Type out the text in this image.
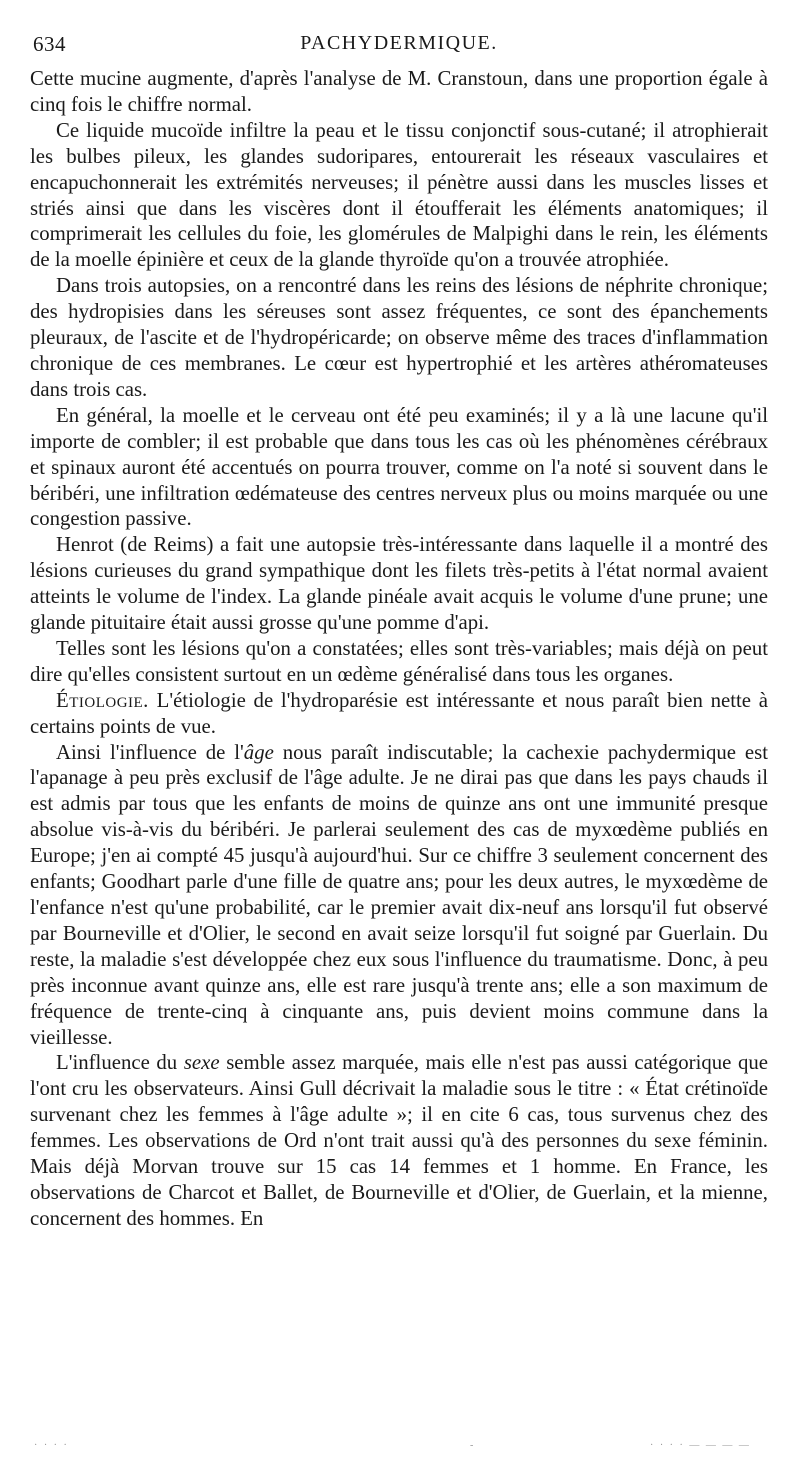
634	PACHYDERMIQUE.

Cette mucine augmente, d'après l'analyse de M. Cranstoun, dans une proportion égale à cinq fois le chiffre normal.

Ce liquide mucoïde infiltre la peau et le tissu conjonctif sous-cutané; il atrophierait les bulbes pileux, les glandes sudoripares, entourerait les réseaux vasculaires et encapuchonnerait les extrémités nerveuses; il pénètre aussi dans les muscles lisses et striés ainsi que dans les viscères dont il étoufferait les éléments anatomiques; il comprimerait les cellules du foie, les glomérules de Malpighi dans le rein, les éléments de la moelle épinière et ceux de la glande thyroïde qu'on a trouvée atrophiée.

Dans trois autopsies, on a rencontré dans les reins des lésions de néphrite chronique; des hydropisies dans les séreuses sont assez fréquentes, ce sont des épanchements pleuraux, de l'ascite et de l'hydropéricarde; on observe même des traces d'inflammation chronique de ces membranes. Le cœur est hypertrophié et les artères athéromateuses dans trois cas.

En général, la moelle et le cerveau ont été peu examinés; il y a là une lacune qu'il importe de combler; il est probable que dans tous les cas où les phénomènes cérébraux et spinaux auront été accentués on pourra trouver, comme on l'a noté si souvent dans le béribéri, une infiltration œdémateuse des centres nerveux plus ou moins marquée ou une congestion passive.

Henrot (de Reims) a fait une autopsie très-intéressante dans laquelle il a montré des lésions curieuses du grand sympathique dont les filets très-petits à l'état normal avaient atteints le volume de l'index. La glande pinéale avait acquis le volume d'une prune; une glande pituitaire était aussi grosse qu'une pomme d'api.

Telles sont les lésions qu'on a constatées; elles sont très-variables; mais déjà on peut dire qu'elles consistent surtout en un œdème généralisé dans tous les organes.

Étiologie. L'étiologie de l'hydroparésie est intéressante et nous paraît bien nette à certains points de vue.

Ainsi l'influence de l'âge nous paraît indiscutable; la cachexie pachydermique est l'apanage à peu près exclusif de l'âge adulte. Je ne dirai pas que dans les pays chauds il est admis par tous que les enfants de moins de quinze ans ont une immunité presque absolue vis-à-vis du béribéri. Je parlerai seulement des cas de myxœdème publiés en Europe; j'en ai compté 45 jusqu'à aujourd'hui. Sur ce chiffre 3 seulement concernent des enfants; Goodhart parle d'une fille de quatre ans; pour les deux autres, le myxœdème de l'enfance n'est qu'une probabilité, car le premier avait dix-neuf ans lorsqu'il fut observé par Bourneville et d'Olier, le second en avait seize lorsqu'il fut soigné par Guerlain. Du reste, la maladie s'est développée chez eux sous l'influence du traumatisme. Donc, à peu près inconnue avant quinze ans, elle est rare jusqu'à trente ans; elle a son maximum de fréquence de trente-cinq à cinquante ans, puis devient moins commune dans la vieillesse.

L'influence du sexe semble assez marquée, mais elle n'est pas aussi catégorique que l'ont cru les observateurs. Ainsi Gull décrivait la maladie sous le titre : « État crétinoïde survenant chez les femmes à l'âge adulte »; il en cite 6 cas, tous survenus chez des femmes. Les observations de Ord n'ont trait aussi qu'à des personnes du sexe féminin. Mais déjà Morvan trouve sur 15 cas 14 femmes et 1 homme. En France, les observations de Charcot et Ballet, de Bourneville et d'Olier, de Guerlain, et la mienne, concernent des hommes. En

· · · ·	-	· · · · — — — —
